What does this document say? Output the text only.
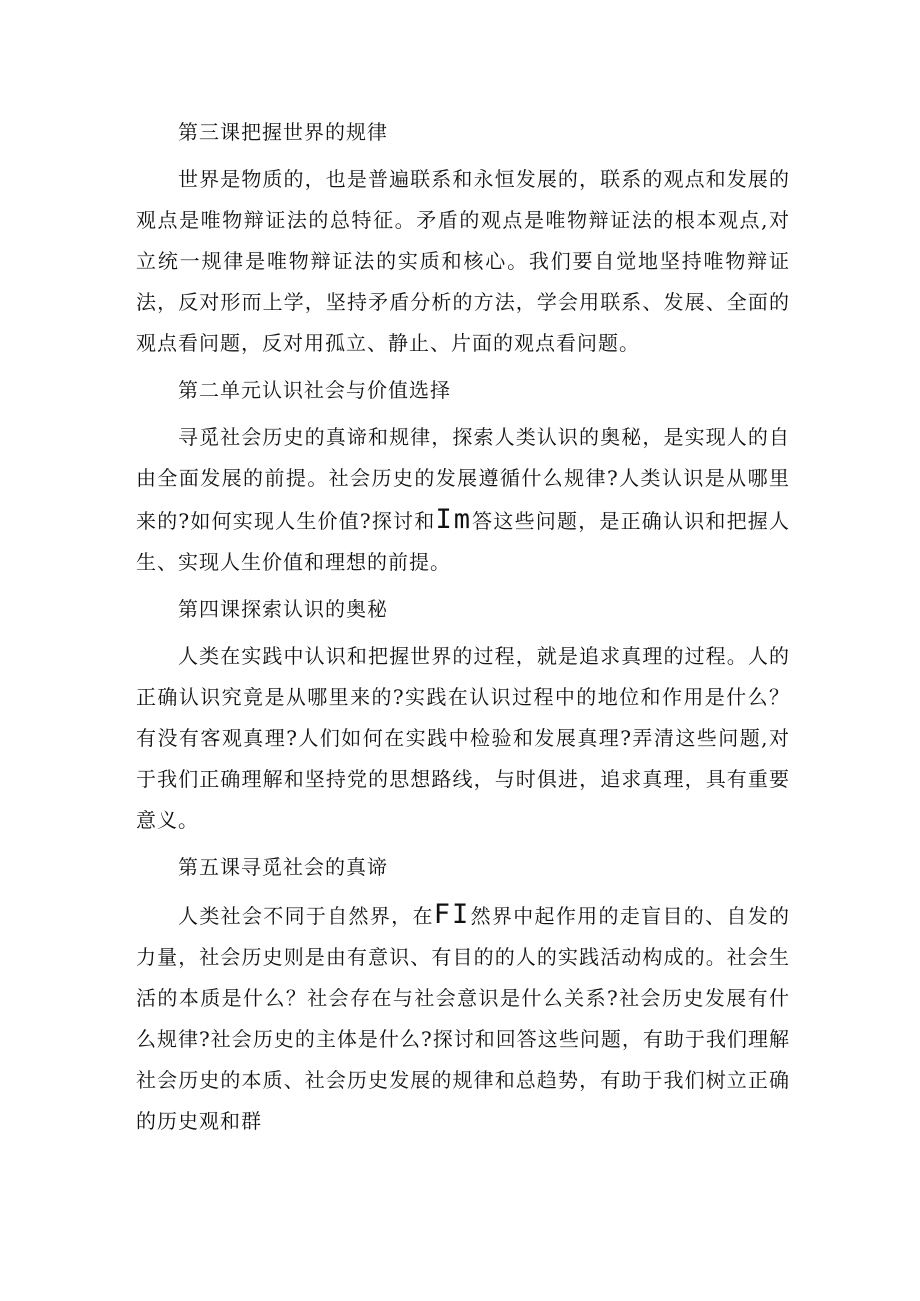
第三课把握世界的规律

世界是物质的，也是普遍联系和永恒发展的，联系的观点和发展的观点是唯物辩证法的总特征。矛盾的观点是唯物辩证法的根本观点,对立统一规律是唯物辩证法的实质和核心。我们要自觉地坚持唯物辩证法，反对形而上学，坚持矛盾分析的方法，学会用联系、发展、全面的观点看问题，反对用孤立、静止、片面的观点看问题。

第二单元认识社会与价值选择

寻觅社会历史的真谛和规律，探索人类认识的奥秘，是实现人的自由全面发展的前提。社会历史的发展遵循什么规律?人类认识是从哪里来的?如何实现人生价值?探讨和Im答这些问题，是正确认识和把握人生、实现人生价值和理想的前提。

第四课探索认识的奥秘

人类在实践中认识和把握世界的过程，就是追求真理的过程。人的正确认识究竟是从哪里来的?实践在认识过程中的地位和作用是什么？有没有客观真理?人们如何在实践中检验和发展真理?弄清这些问题,对于我们正确理解和坚持党的思想路线，与时俱进，追求真理，具有重要意义。

第五课寻觅社会的真谛

人类社会不同于自然界，在FI然界中起作用的走盲目的、自发的力量，社会历史则是由有意识、有目的的人的实践活动构成的。社会生活的本质是什么？社会存在与社会意识是什么关系?社会历史发展有什么规律?社会历史的主体是什么?探讨和回答这些问题，有助于我们理解社会历史的本质、社会历史发展的规律和总趋势，有助于我们树立正确的历史观和群
